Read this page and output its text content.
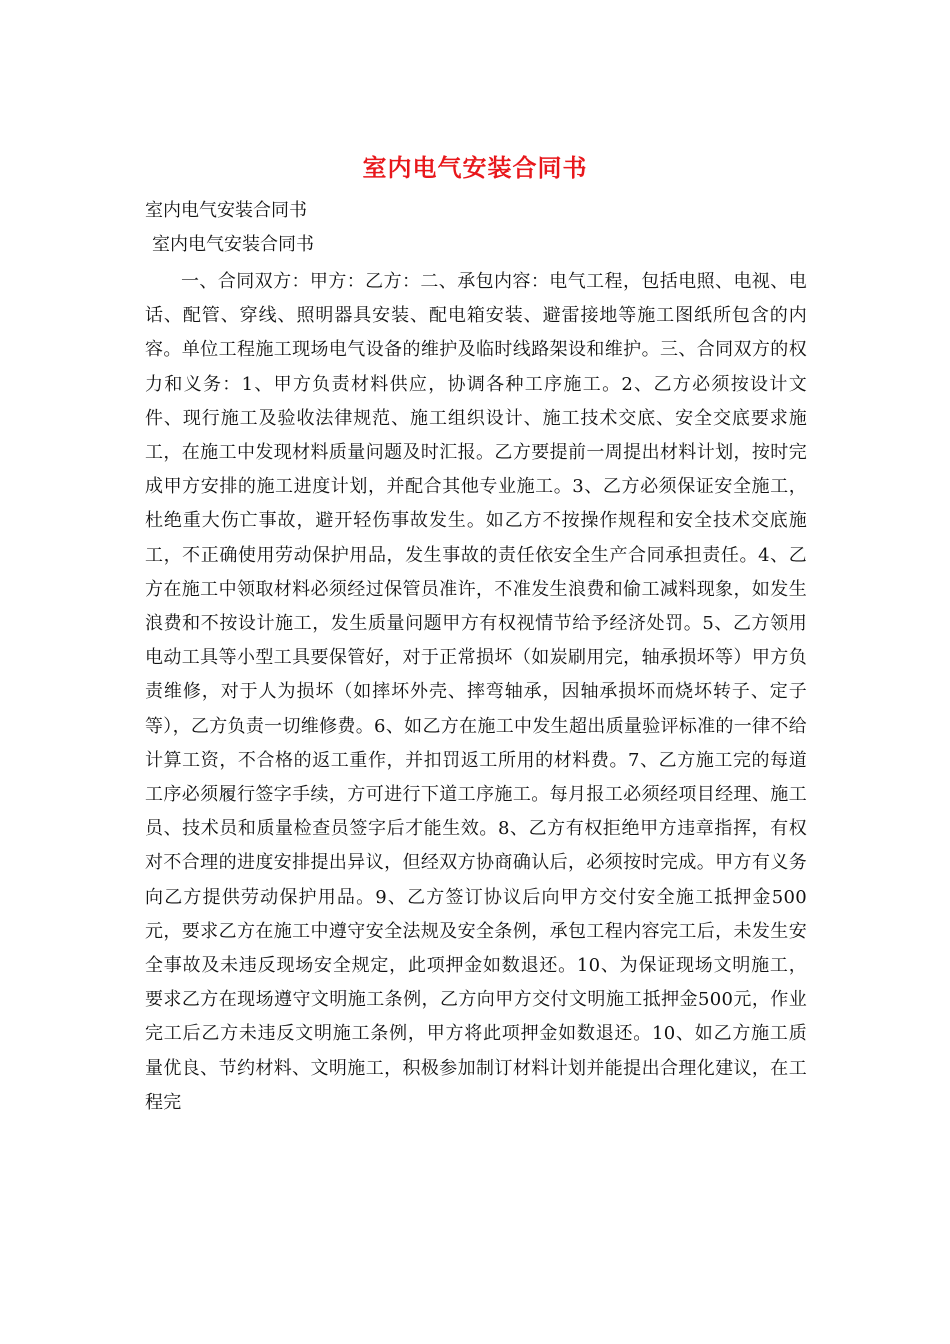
室内电气安装合同书
室内电气安装合同书
室内电气安装合同书

一、合同双方：甲方：乙方：二、承包内容：电气工程，包括电照、电视、电话、配管、穿线、照明器具安装、配电箱安装、避雷接地等施工图纸所包含的内容。单位工程施工现场电气设备的维护及临时线路架设和维护。三、合同双方的权力和义务：1、甲方负责材料供应，协调各种工序施工。2、乙方必须按设计文件、现行施工及验收法律规范、施工组织设计、施工技术交底、安全交底要求施工，在施工中发现材料质量问题及时汇报。乙方要提前一周提出材料计划，按时完成甲方安排的施工进度计划，并配合其他专业施工。3、乙方必须保证安全施工，杜绝重大伤亡事故，避开轻伤事故发生。如乙方不按操作规程和安全技术交底施工，不正确使用劳动保护用品，发生事故的责任依安全生产合同承担责任。4、乙方在施工中领取材料必须经过保管员准许，不准发生浪费和偷工减料现象，如发生浪费和不按设计施工，发生质量问题甲方有权视情节给予经济处罚。5、乙方领用电动工具等小型工具要保管好，对于正常损坏（如炭刷用完，轴承损坏等）甲方负责维修，对于人为损坏（如摔坏外壳、摔弯轴承，因轴承损坏而烧坏转子、定子等），乙方负责一切维修费。6、如乙方在施工中发生超出质量验评标准的一律不给计算工资，不合格的返工重作，并扣罚返工所用的材料费。7、乙方施工完的每道工序必须履行签字手续，方可进行下道工序施工。每月报工必须经项目经理、施工员、技术员和质量检查员签字后才能生效。8、乙方有权拒绝甲方违章指挥，有权对不合理的进度安排提出异议，但经双方协商确认后，必须按时完成。甲方有义务向乙方提供劳动保护用品。9、乙方签订协议后向甲方交付安全施工抵押金500元，要求乙方在施工中遵守安全法规及安全条例，承包工程内容完工后，未发生安全事故及未违反现场安全规定，此项押金如数退还。10、为保证现场文明施工，要求乙方在现场遵守文明施工条例，乙方向甲方交付文明施工抵押金500元，作业完工后乙方未违反文明施工条例，甲方将此项押金如数退还。10、如乙方施工质量优良、节约材料、文明施工，积极参加制订材料计划并能提出合理化建议，在工程完
